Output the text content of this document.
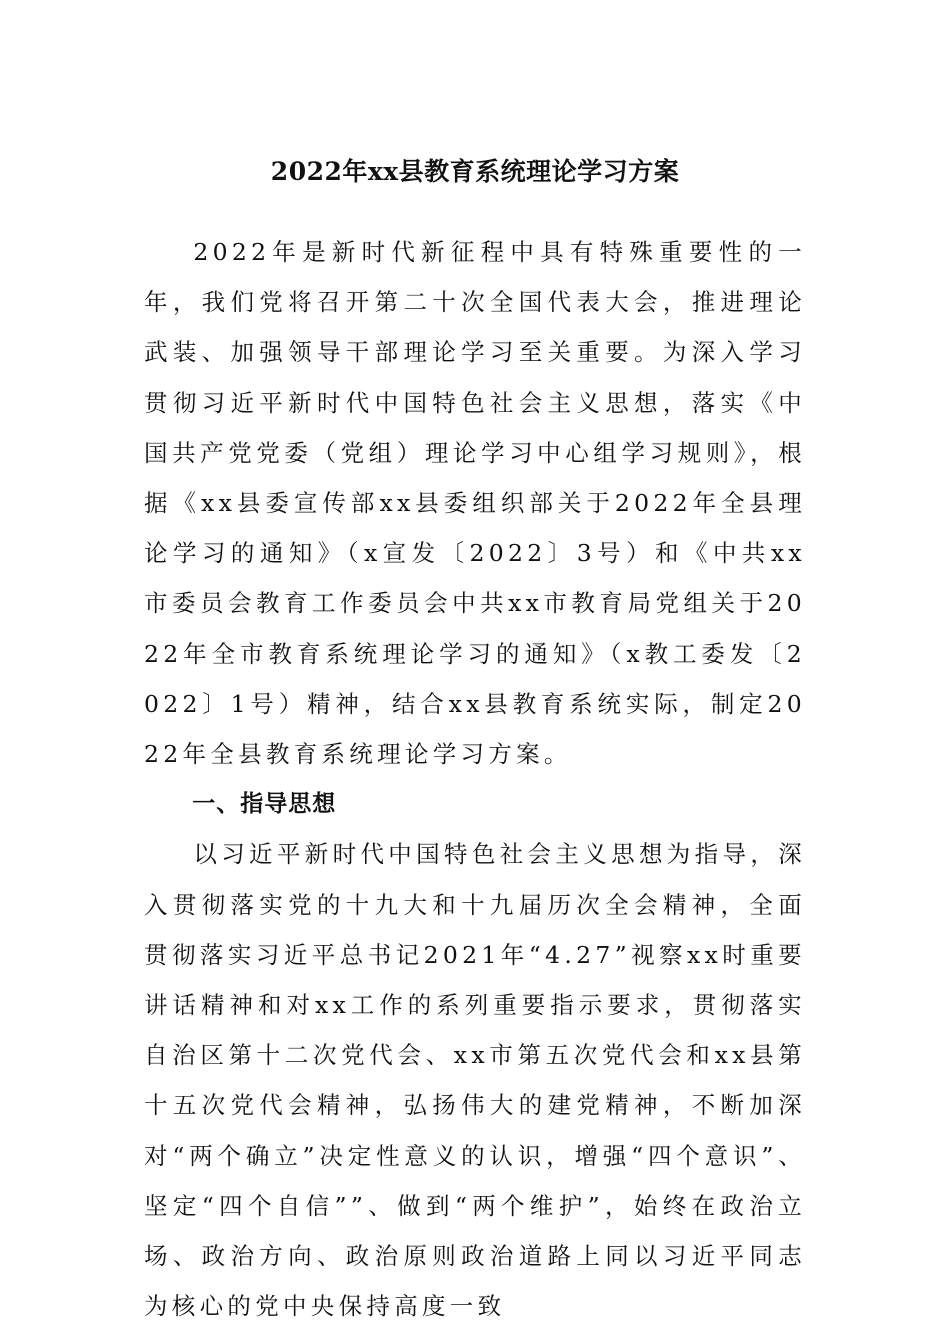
2022年xx县教育系统理论学习方案

2022年是新时代新征程中具有特殊重要性的一年，我们党将召开第二十次全国代表大会，推进理论武装、加强领导干部理论学习至关重要。为深入学习贯彻习近平新时代中国特色社会主义思想，落实《中国共产党党委（党组）理论学习中心组学习规则》，根据《xx县委宣传部xx县委组织部关于2022年全县理论学习的通知》（x宣发〔2022〕3号）和《中共xx市委员会教育工作委员会中共xx市教育局党组关于2022年全市教育系统理论学习的通知》（x教工委发〔2022〕1号）精神，结合xx县教育系统实际，制定2022年全县教育系统理论学习方案。

一、指导思想

以习近平新时代中国特色社会主义思想为指导，深入贯彻落实党的十九大和十九届历次全会精神，全面贯彻落实习近平总书记2021年“4.27”视察xx时重要讲话精神和对xx工作的系列重要指示要求，贯彻落实自治区第十二次党代会、xx市第五次党代会和xx县第十五次党代会精神，弘扬伟大的建党精神，不断加深对“两个确立”决定性意义的认识，增强“四个意识”、坚定“四个自信””、做到“两个维护”，始终在政治立场、政治方向、政治原则政治道路上同以习近平同志为核心的党中央保持高度一致
